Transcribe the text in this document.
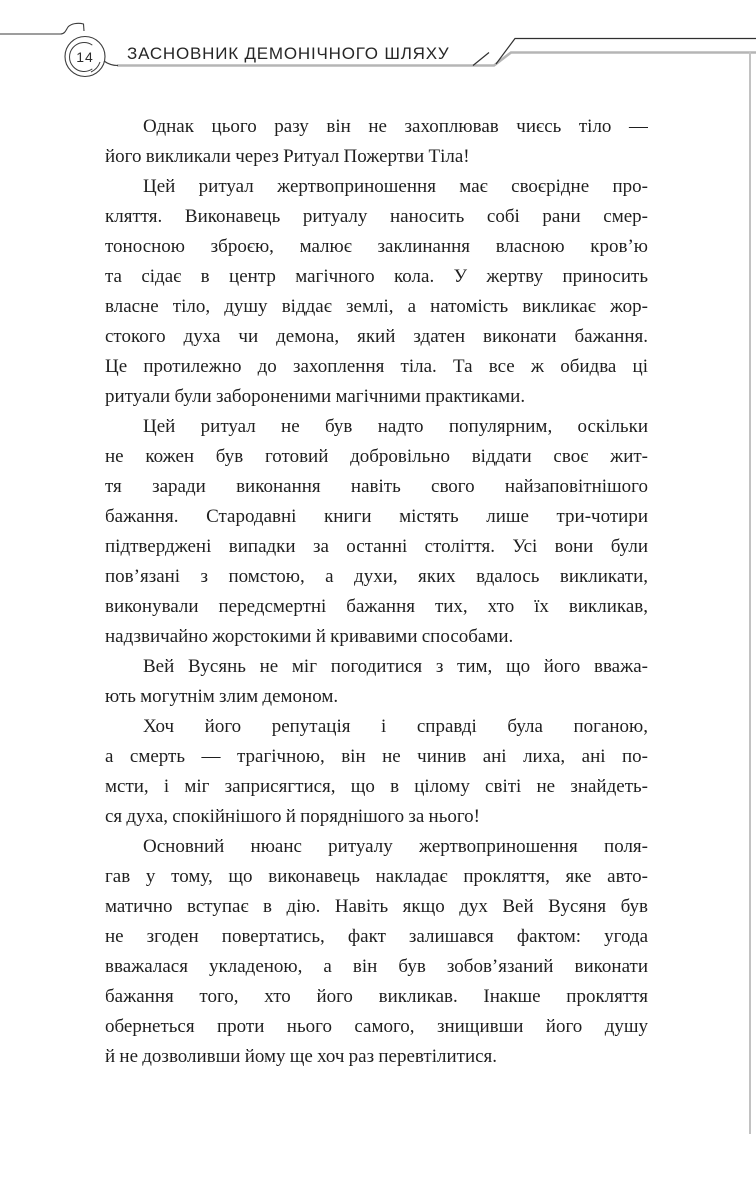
14	ЗАСНОВНИК ДЕМОНІЧНОГО ШЛЯХУ
Однак цього разу він не захоплював чиєсь тіло —
його викликали через Ритуал Пожертви Тіла!
Цей ритуал жертвоприношення має своєрідне про-
кляття. Виконавець ритуалу наносить собі рани смер-
тоносною зброєю, малює заклинання власною кров’ю
та сідає в центр магічного кола. У жертву приносить
власне тіло, душу віддає землі, а натомість викликає жор-
стокого духа чи демона, який здатен виконати бажання.
Це протилежно до захоплення тіла. Та все ж обидва ці
ритуали були забороненими магічними практиками.
Цей ритуал не був надто популярним, оскільки
не кожен був готовий добровільно віддати своє жит-
тя заради виконання навіть свого найзаповітнішого
бажання. Стародавні книги містять лише три-чотири
підтверджені випадки за останні століття. Усі вони були
пов’язані з помстою, а духи, яких вдалось викликати,
виконували передсмертні бажання тих, хто їх викликав,
надзвичайно жорстокими й кривавими способами.
Вей Вусянь не міг погодитися з тим, що його вважа-
ють могутнім злим демоном.
Хоч його репутація і справді була поганою,
а смерть — трагічною, він не чинив ані лиха, ані по-
мсти, і міг заприсягтися, що в цілому світі не знайдеть-
ся духа, спокійнішого й поряднішого за нього!
Основний нюанс ритуалу жертвоприношення поля-
гав у тому, що виконавець накладає прокляття, яке авто-
матично вступає в дію. Навіть якщо дух Вей Вусяня був
не згоден повертатись, факт залишався фактом: угода
вважалася укладеною, а він був зобов’язаний виконати
бажання того, хто його викликав. Інакше прокляття
обернеться проти нього самого, знищивши його душу
й не дозволивши йому ще хоч раз перевтілитися.
